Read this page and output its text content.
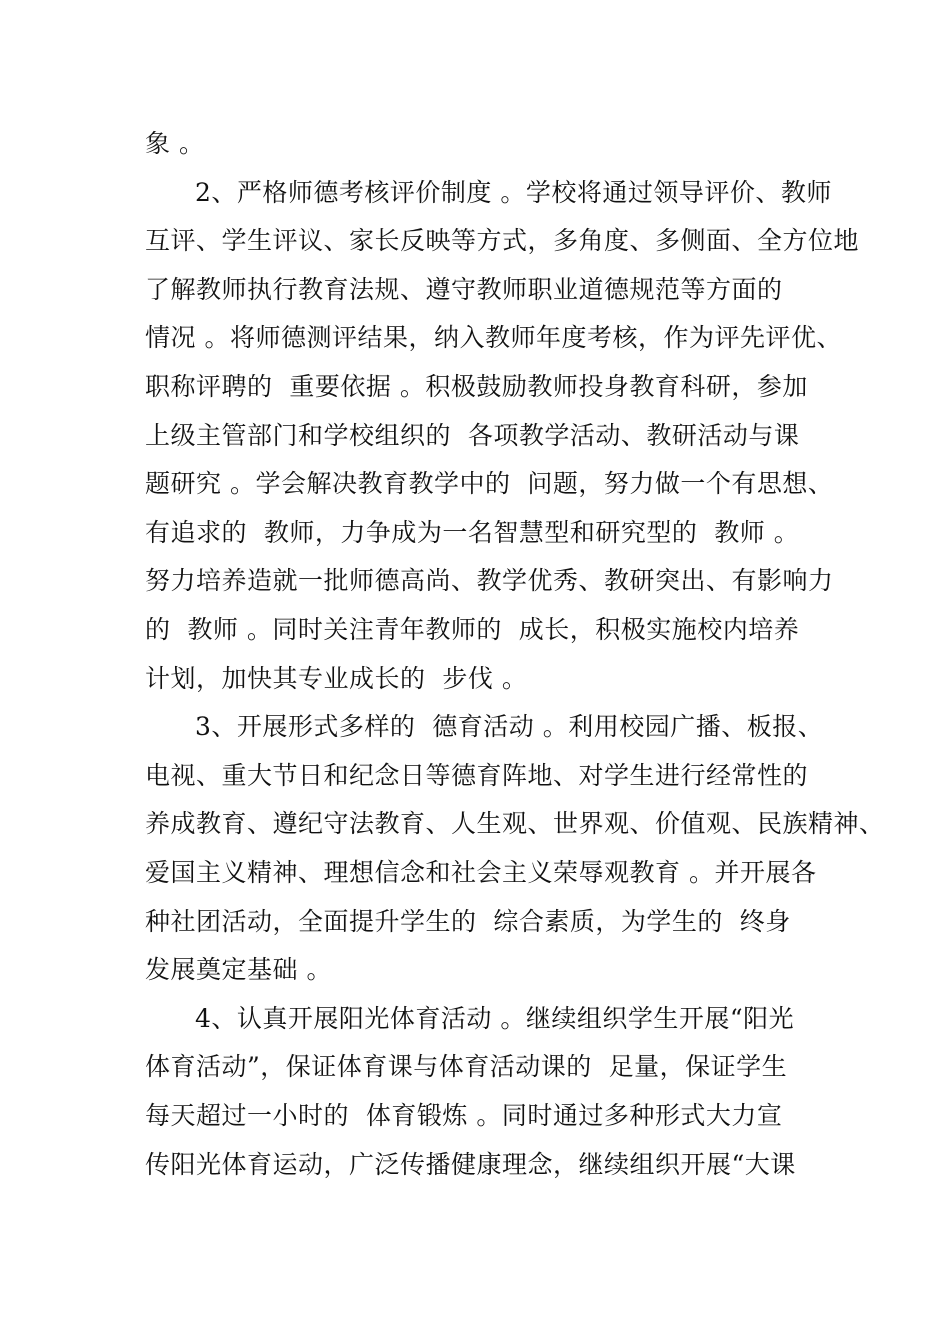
象 。
2、严格师德考核评价制度 。学校将通过领导评价、教师
互评、学生评议、家长反映等方式，多角度、多侧面、全方位地
了解教师执行教育法规、遵守教师职业道德规范等方面的
情况 。将师德测评结果，纳入教师年度考核，作为评先评优、
职称评聘的  重要依据 。积极鼓励教师投身教育科研，参加
上级主管部门和学校组织的  各项教学活动、教研活动与课
题研究 。学会解决教育教学中的  问题，努力做一个有思想、
有追求的  教师，力争成为一名智慧型和研究型的  教师 。
努力培养造就一批师德高尚、教学优秀、教研突出、有影响力
的  教师 。同时关注青年教师的  成长，积极实施校内培养
计划，加快其专业成长的  步伐 。
3、开展形式多样的  德育活动 。利用校园广播、板报、
电视、重大节日和纪念日等德育阵地、对学生进行经常性的
养成教育、遵纪守法教育、人生观、世界观、价值观、民族精神、
爱国主义精神、理想信念和社会主义荣辱观教育 。并开展各
种社团活动，全面提升学生的  综合素质，为学生的  终身
发展奠定基础 。
4、认真开展阳光体育活动 。继续组织学生开展“阳光
体育活动”，保证体育课与体育活动课的  足量，保证学生
每天超过一小时的  体育锻炼 。同时通过多种形式大力宣
传阳光体育运动，广泛传播健康理念，继续组织开展“大课
